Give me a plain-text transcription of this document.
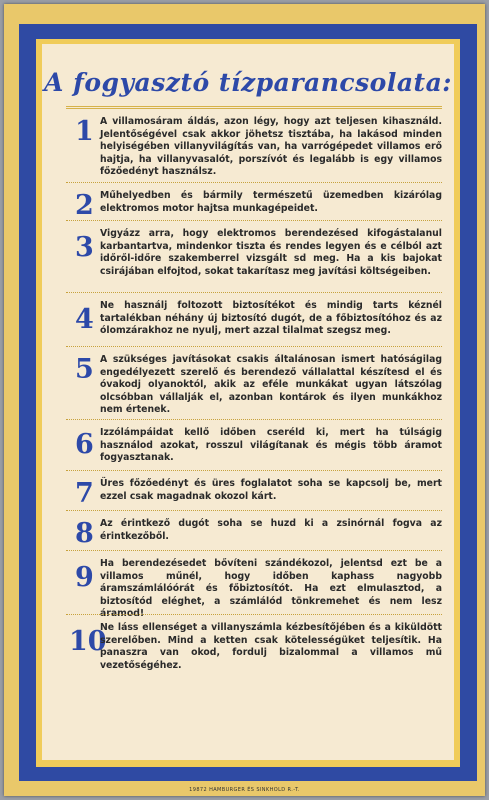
A fogyasztó tízparancsolata:
1 A villamosáram áldás, azon légy, hogy azt teljesen kihasználd. Jelentőségével csak akkor jöhetsz tisztába, ha lakásod minden helyiségében villanyvilágítás van, ha varrógépedet villamos erő hajtja, ha villanyvasalót, porszívót és legalább is egy villamos főzőedényt használsz.
2 Műhelyedben és bármily természetű üzemedben kizárólag elektromos motor hajtsa munkagépeidet.
3 Vigyázz arra, hogy elektromos berendezésed kifogástalanul karbantartva, mindenkor tiszta és rendes legyen és e célból azt időről-időre szakemberrel vizsgált sd meg. Ha a kis bajokat csirájában elfojtod, sokat takarítasz meg javítási költségeiben.
4 Ne használj foltozott biztosítékot és mindig tarts kéznél tartalékban néhány új biztosító dugót, de a főbiztosítóhoz és az ólomzárakhoz ne nyulj, mert azzal tilalmat szegsz meg.
5 A szükséges javításokat csakis általánosan ismert hatóságilag engedélyezett szerelő és berendező vállalattal készítesd el és óvakodj olyanoktól, akik az eféle munkákat ugyan látszólag olcsóbban vállalják el, azonban kontárok és ilyen munkákhoz nem értenek.
6 Izzólámpáidat kellő időben cseréld ki, mert ha túlságig használod azokat, rosszul világítanak és mégis több áramot fogyasztanak.
7 Üres főzőedényt és üres foglalatot soha se kapcsolj be, mert ezzel csak magadnak okozol kárt.
8 Az érintkező dugót soha se huzd ki a zsinórnál fogva az érintkezőből.
9 Ha berendezésedet bővíteni szándékozol, jelentsd ezt be a villamos műnél, hogy időben kaphass nagyobb áramszámlálóórát és főbiztosítót. Ha ezt elmulasztod, a biztosítód eléghet, a számlálód tönkremehet és nem lesz áramod!
10
Ne láss ellenséget a villanyszámla kézbesítőjében és a kiküldött szerelőben. Mind a ketten csak kötelességüket teljesítik. Ha panaszra van okod, fordulj bizalommal a villamos mű vezetőségéhez.
19872 HAMBURGER ÉS SINKHOLD R.-T.
